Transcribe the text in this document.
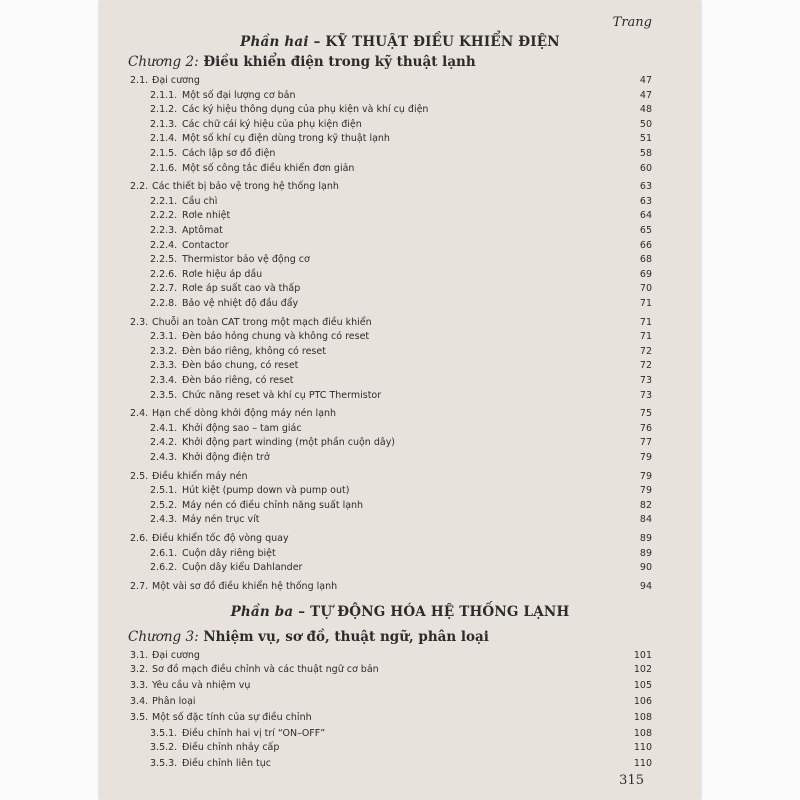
Trang
Phần hai – KỸ THUẬT ĐIỀU KHIỂN ĐIỆN
Chương 2: Điều khiển điện trong kỹ thuật lạnh
2.1. Đại cương	47
2.1.1. Một số đại lượng cơ bản	47
2.1.2. Các ký hiệu thông dụng của phụ kiện và khí cụ điện	48
2.1.3. Các chữ cái ký hiệu của phụ kiện điện	50
2.1.4. Một số khí cụ điện dùng trong kỹ thuật lạnh	51
2.1.5. Cách lập sơ đồ điện	58
2.1.6. Một số công tắc điều khiển đơn giản	60
2.2. Các thiết bị bảo vệ trong hệ thống lạnh	63
2.2.1. Cầu chì	63
2.2.2. Rơle nhiệt	64
2.2.3. Aptômat	65
2.2.4. Contactor	66
2.2.5. Thermistor bảo vệ động cơ	68
2.2.6. Rơle hiệu áp dầu	69
2.2.7. Rơle áp suất cao và thấp	70
2.2.8. Bảo vệ nhiệt độ đầu đẩy	71
2.3. Chuỗi an toàn CAT trong một mạch điều khiển	71
2.3.1. Đèn báo hỏng chung và không có reset	71
2.3.2. Đèn báo riêng, không có reset	72
2.3.3. Đèn báo chung, có reset	72
2.3.4. Đèn báo riêng, có reset	73
2.3.5. Chức năng reset và khí cụ PTC Thermistor	73
2.4. Hạn chế dòng khởi động máy nén lạnh	75
2.4.1. Khởi động sao – tam giác	76
2.4.2. Khởi động part winding (một phần cuộn dây)	77
2.4.3. Khởi động điện trở	79
2.5. Điều khiển máy nén	79
2.5.1. Hút kiệt (pump down và pump out)	79
2.5.2. Máy nén có điều chỉnh năng suất lạnh	82
2.4.3. Máy nén trục vít	84
2.6. Điều khiển tốc độ vòng quay	89
2.6.1. Cuộn dây riêng biệt	89
2.6.2. Cuộn dây kiểu Dahlander	90
2.7. Một vài sơ đồ điều khiển hệ thống lạnh	94
Phần ba – TỰ ĐỘNG HÓA HỆ THỐNG LẠNH
Chương 3: Nhiệm vụ, sơ đồ, thuật ngữ, phân loại
3.1. Đại cương	101
3.2. Sơ đồ mạch điều chỉnh và các thuật ngữ cơ bản	102
3.3. Yêu cầu và nhiệm vụ	105
3.4. Phân loại	106
3.5. Một số đặc tính của sự điều chỉnh	108
3.5.1. Điều chỉnh hai vị trí “ON–OFF”	108
3.5.2. Điều chỉnh nhảy cấp	110
3.5.3. Điều chỉnh liên tục	110
315
